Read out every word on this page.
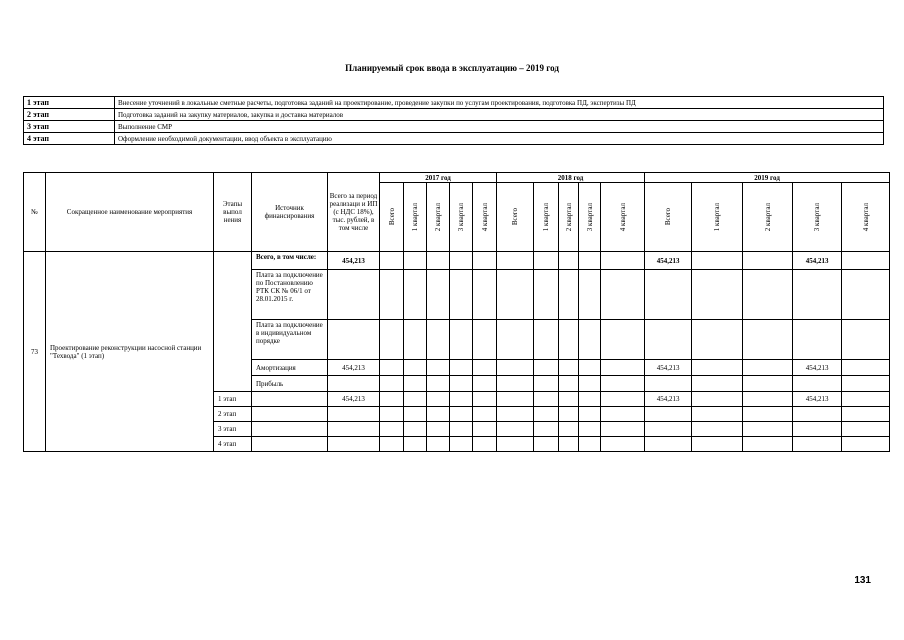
Планируемый срок ввода в эксплуатацию – 2019 год
1 этап	Внесение уточнений в локальные сметные расчеты, подготовка заданий на проектирование, проведение закупки по услугам проектирования, подготовка ПД, экспертизы ПД
2 этап	Подготовка заданий на закупку материалов, закупка и доставка материалов
3 этап	Выполнение СМР
4 этап	Оформление необходимой документации, ввод объекта в эксплуатацию
№	Сокращенное наименование мероприятия	Этапы выпол нения	Источник финансирования	Всего за период реализаци и ИП (с НДС 18%), тыс. рублей, в том числе	2017 год					2018 год					2019 год				

					Всего	1 квартал	2 квартал	3 квартал	4 квартал	Всего	1 квартал	2 квартал	3 квартал	4 квартал	Всего	1 квартал	2 квартал	3 квартал	4 квартал

73	Проектирование реконструкции насосной станции "Техвода" (1 этап)		Всего, в том числе:	454,213											454,213			454,213	
			Плата за подключение по Постановлению РТК СК № 06/1 от 28.01.2015 г.																
			Плата за подключение в индивидуальном порядке																
			Амортизация	454,213											454,213			454,213	
			Прибыль																
		1 этап		454,213											454,213			454,213	
		2 этап																	
		3 этап																	
		4 этап																	
131
